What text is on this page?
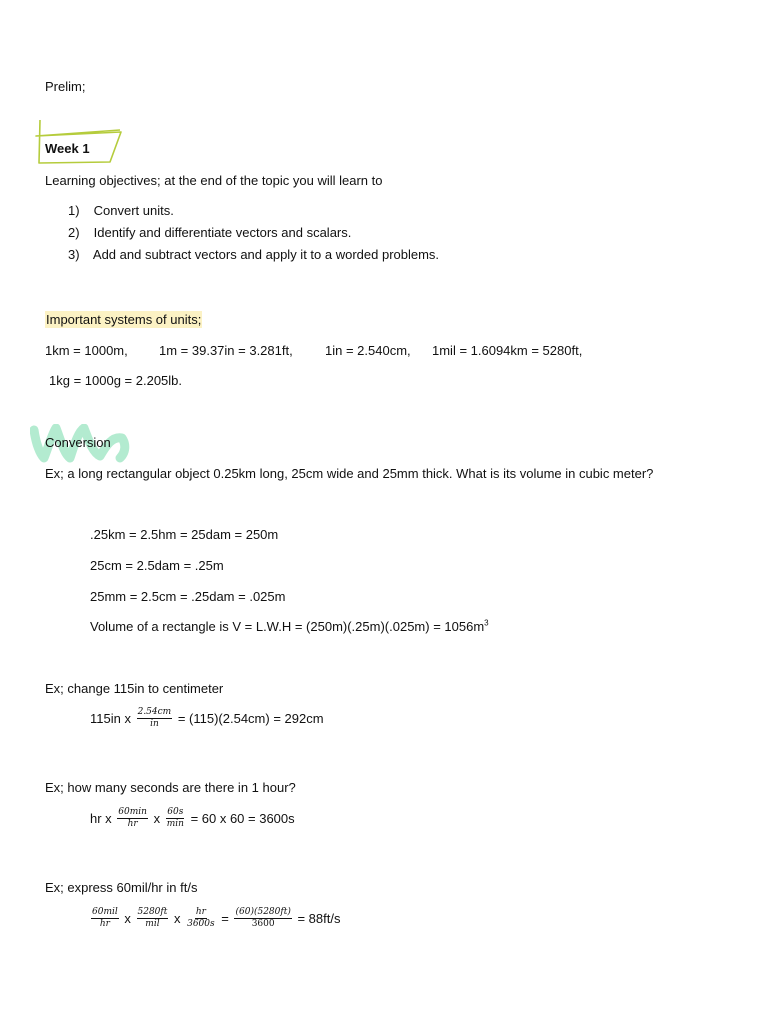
Prelim;
Week 1
Learning objectives; at the end of the topic you will learn to
1) Convert units.
2) Identify and differentiate vectors and scalars.
3) Add and subtract vectors and apply it to a worded problems.
Important systems of units;
1km = 1000m, 1m = 39.37in = 3.281ft, 1in = 2.540cm, 1mil = 1.6094km = 5280ft,
1kg = 1000g = 2.205lb.
Conversion
Ex; a long rectangular object 0.25km long, 25cm wide and 25mm thick. What is its volume in cubic meter?
.25km = 2.5hm = 25dam = 250m
25cm = 2.5dam = .25m
25mm = 2.5cm = .25dam = .025m
Volume of a rectangle is $V = L.W.H = (250m)(.25m)(.025m) = 1056m^3$
Ex; change 115in to centimeter
115in x $\frac{2.54cm}{in} = (115)(2.54cm) = 292cm$
Ex; how many seconds are there in 1 hour?
hr x $\frac{60\min}{hr}$ x $\frac{60s}{\min} = 60$ x 60 = 3600s
Ex; express 60mil/hr in ft/s
$\frac{\text{60mil}}{hr}$ x $\frac{5280ft}{\text{mil}}$ x $\frac{hr}{3600s} = \frac{(60)(5280ft)}{3600} = 88ft/s$
